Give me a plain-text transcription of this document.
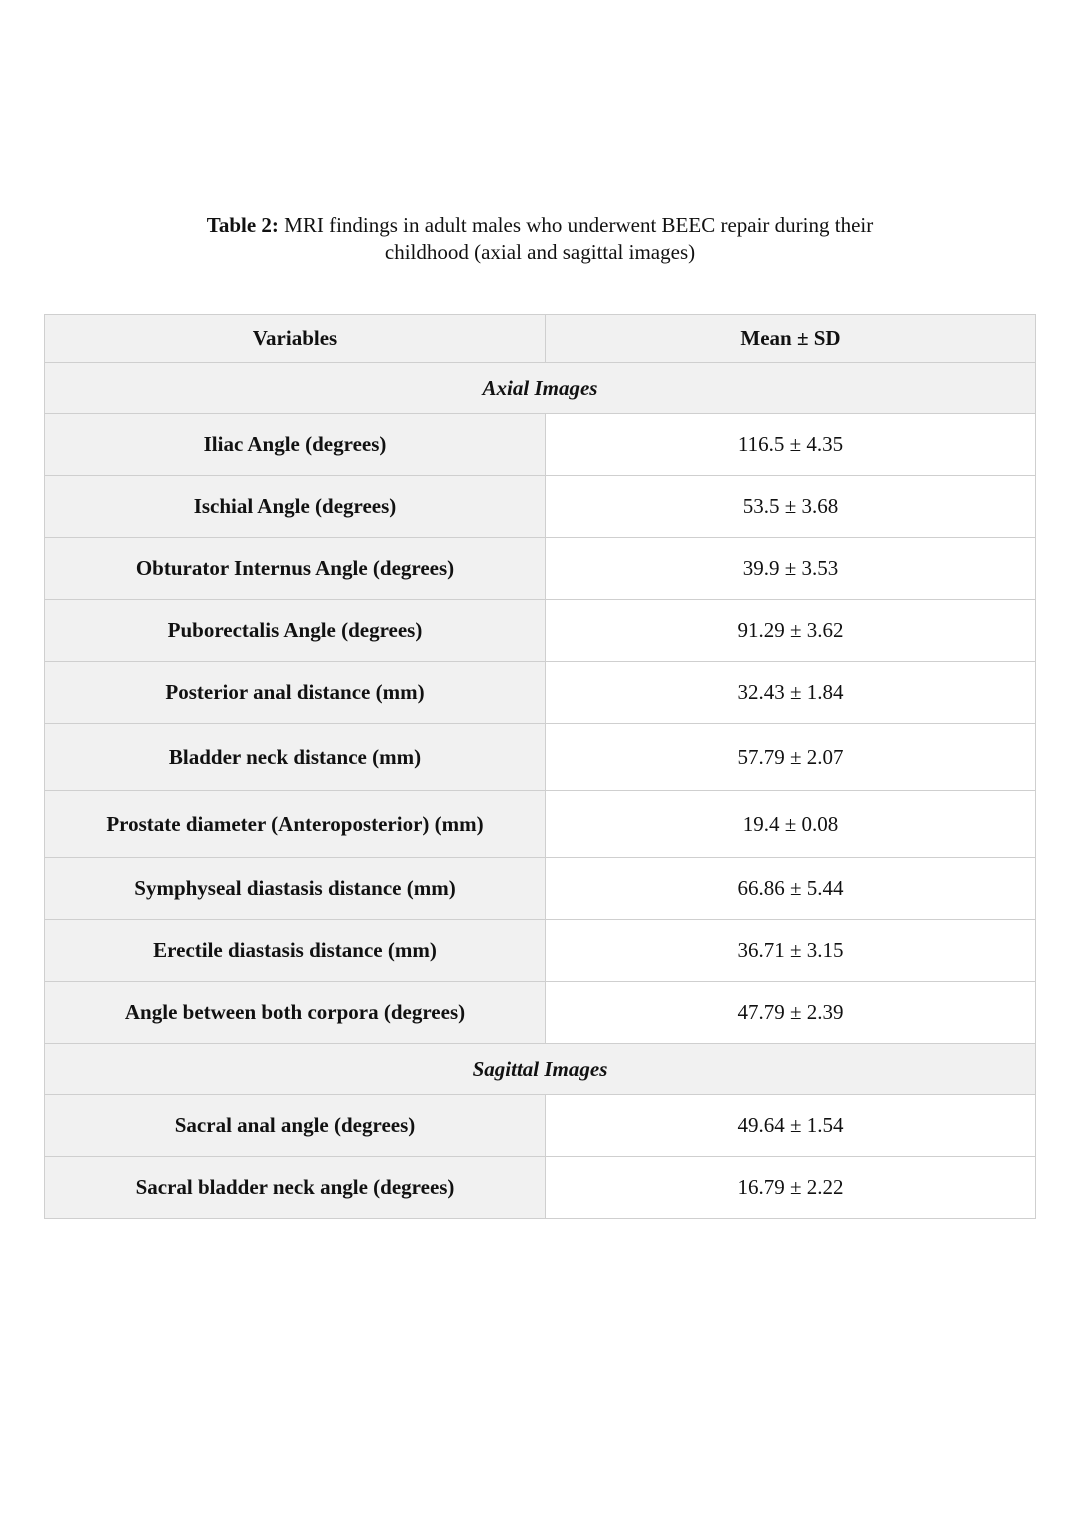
Table 2: MRI findings in adult males who underwent BEEC repair during their
childhood (axial and sagittal images)
Variables	Mean ± SD
Axial Images	
Iliac Angle (degrees)	116.5 ± 4.35
Ischial Angle (degrees)	53.5 ± 3.68
Obturator Internus Angle (degrees)	39.9 ± 3.53
Puborectalis Angle (degrees)	91.29 ± 3.62
Posterior anal distance (mm)	32.43 ± 1.84
Bladder neck distance (mm)	57.79 ± 2.07
Prostate diameter (Anteroposterior) (mm)	19.4 ± 0.08
Symphyseal diastasis distance (mm)	66.86 ± 5.44
Erectile diastasis distance (mm)	36.71 ± 3.15
Angle between both corpora (degrees)	47.79 ± 2.39
Sagittal Images	
Sacral anal angle (degrees)	49.64 ± 1.54
Sacral bladder neck angle (degrees)	16.79 ± 2.22
